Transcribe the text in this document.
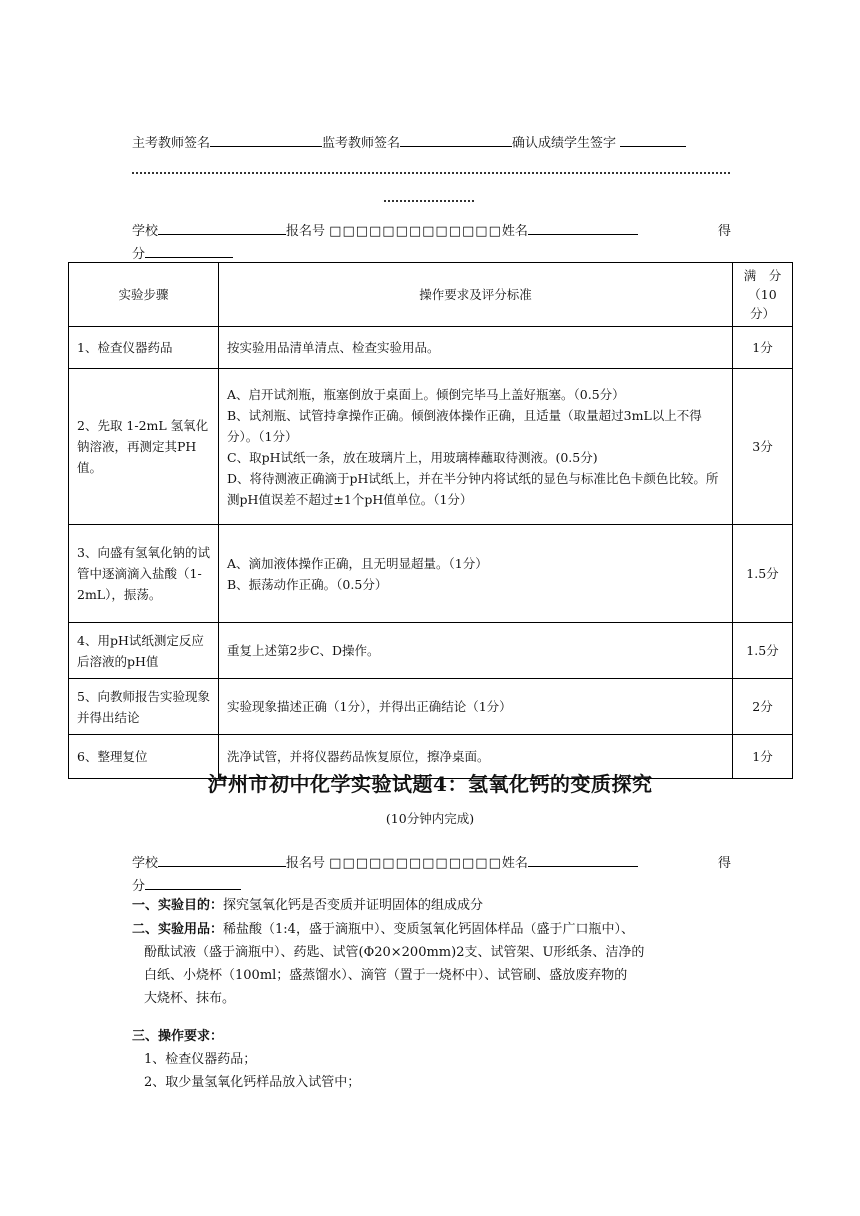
主考教师签名	监考教师签名	确认成绩学生签字
学校	报名号 □□□□□□□□□□□□□姓名	得
分
实验步骤	操作要求及评分标准	满　分
（10分）
1、检查仪器药品	按实验用品清单清点、检查实验用品。	1分
2、先取 1-2mL 氢氧化钠溶液，再测定其PH值。	A、启开试剂瓶，瓶塞倒放于桌面上。倾倒完毕马上盖好瓶塞。（0.5分）
B、试剂瓶、试管持拿操作正确。倾倒液体操作正确，且适量（取量超过3mL以上不得分）。（1分）
C、取pH试纸一条，放在玻璃片上，用玻璃棒蘸取待测液。(0.5分)
D、将待测液正确滴于pH试纸上，并在半分钟内将试纸的显色与标准比色卡颜色比较。所测pH值误差不超过±1个pH值单位。（1分）	3分
3、向盛有氢氧化钠的试管中逐滴滴入盐酸（1-2mL），振荡。	A、滴加液体操作正确，且无明显超量。（1分）
B、振荡动作正确。（0.5分）	1.5分
4、用pH试纸测定反应后溶液的pH值	重复上述第2步C、D操作。	1.5分
5、向教师报告实验现象并得出结论	实验现象描述正确（1分），并得出正确结论（1分）	2分
6、整理复位	洗净试管，并将仪器药品恢复原位，擦净桌面。	1分
泸州市初中化学实验试题4：氢氧化钙的变质探究
(10分钟内完成)
学校	报名号 □□□□□□□□□□□□□姓名	得
分
一、实验目的：探究氢氧化钙是否变质并证明固体的组成成分
二、实验用品：稀盐酸（1:4，盛于滴瓶中）、变质氢氧化钙固体样品（盛于广口瓶中）、
酚酞试液（盛于滴瓶中）、药匙、试管(Φ20×200mm)2支、试管架、U形纸条、洁净的
白纸、小烧杯（100ml；盛蒸馏水）、滴管（置于一烧杯中）、试管刷、盛放废弃物的
大烧杯、抹布。
三、操作要求：
1、检查仪器药品；
2、取少量氢氧化钙样品放入试管中；
